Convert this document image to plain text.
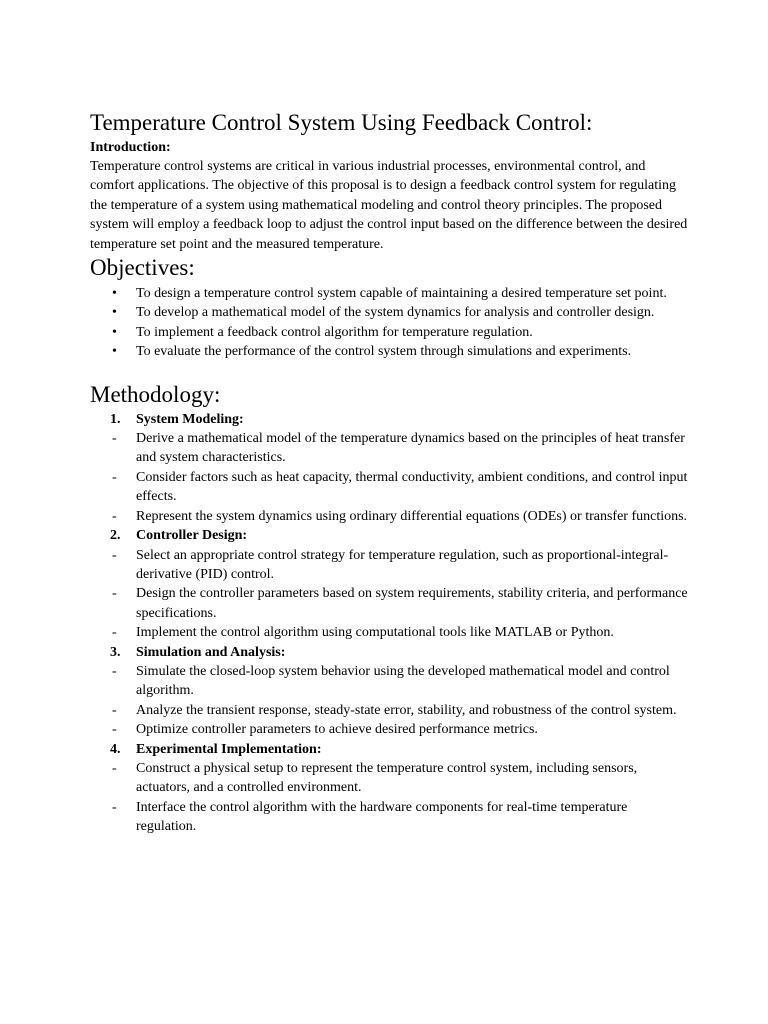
Temperature Control System Using Feedback Control:
Introduction:

Temperature control systems are critical in various industrial processes, environmental control, and comfort applications. The objective of this proposal is to design a feedback control system for regulating the temperature of a system using mathematical modeling and control theory principles. The proposed system will employ a feedback loop to adjust the control input based on the difference between the desired temperature set point and the measured temperature.

Objectives:
• To design a temperature control system capable of maintaining a desired temperature set point.
• To develop a mathematical model of the system dynamics for analysis and controller design.
• To implement a feedback control algorithm for temperature regulation.
• To evaluate the performance of the control system through simulations and experiments.
Methodology:
1. System Modeling:
- Derive a mathematical model of the temperature dynamics based on the principles of heat transfer and system characteristics.
- Consider factors such as heat capacity, thermal conductivity, ambient conditions, and control input effects.
- Represent the system dynamics using ordinary differential equations (ODEs) or transfer functions.
2. Controller Design:
- Select an appropriate control strategy for temperature regulation, such as proportional-integral-derivative (PID) control.
- Design the controller parameters based on system requirements, stability criteria, and performance specifications.
- Implement the control algorithm using computational tools like MATLAB or Python.
3. Simulation and Analysis:
- Simulate the closed-loop system behavior using the developed mathematical model and control algorithm.
- Analyze the transient response, steady-state error, stability, and robustness of the control system.
- Optimize controller parameters to achieve desired performance metrics.
4. Experimental Implementation:
- Construct a physical setup to represent the temperature control system, including sensors, actuators, and a controlled environment.
- Interface the control algorithm with the hardware components for real-time temperature regulation.
